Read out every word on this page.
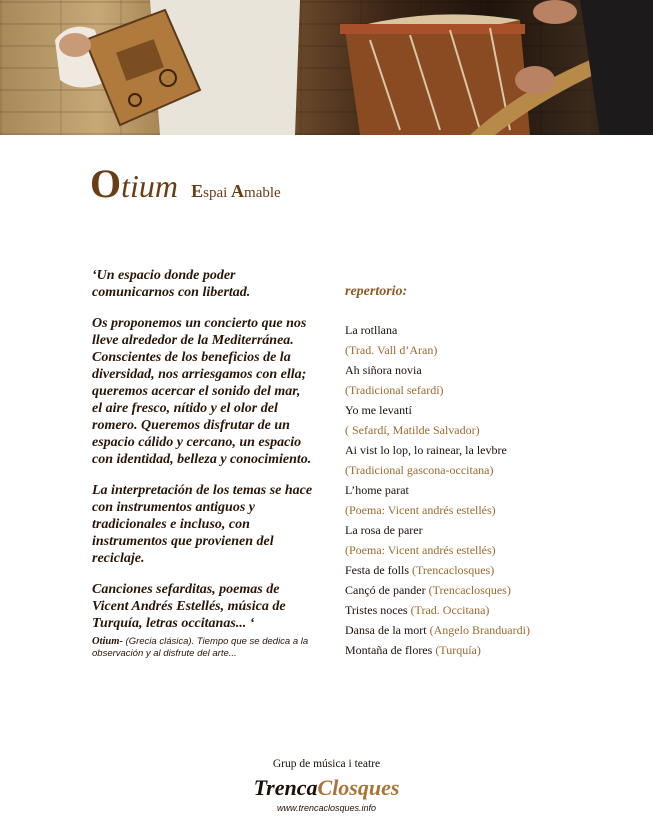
Otium Espai Amable

‘Un espacio donde poder comunicarnos con libertad.

Os proponemos un concierto que nos lleve alrededor de la Mediterránea. Conscientes de los beneficios de la diversidad, nos arriesgamos con ella; queremos acercar el sonido del mar, el aire fresco, nítido y el olor del romero. Queremos disfrutar de un espacio cálido y cercano, un espacio con identidad, belleza y conocimiento.

La interpretación de los temas se hace con instrumentos antiguos y tradicionales e incluso, con instrumentos que provienen del reciclaje.

Canciones sefarditas, poemas de Vicent Andrés Estellés, música de Turquía, letras occitanas... ‘

Otium- (Grecia clásica). Tiempo que se dedica a la observación y al disfrute del arte...
repertorio:
La rotllana
(Trad. Vall d’Aran)
Ah siñora novia
(Tradicional sefardí)
Yo me levantí
( Sefardí, Matilde Salvador)
Ai vist lo lop, lo rainear, la levbre
(Tradicional gascona-occitana)
L’home parat
(Poema: Vicent andrés estellés)
La rosa de parer
(Poema: Vicent andrés estellés)
Festa de folls (Trencaclosques)
Cançó de pander (Trencaclosques)
Tristes noces (Trad. Occitana)
Dansa de la mort (Angelo Branduardi)
Montaña de flores (Turquía)
Grup de música i teatre
TrencaClosques
www.trencaclosques.info
